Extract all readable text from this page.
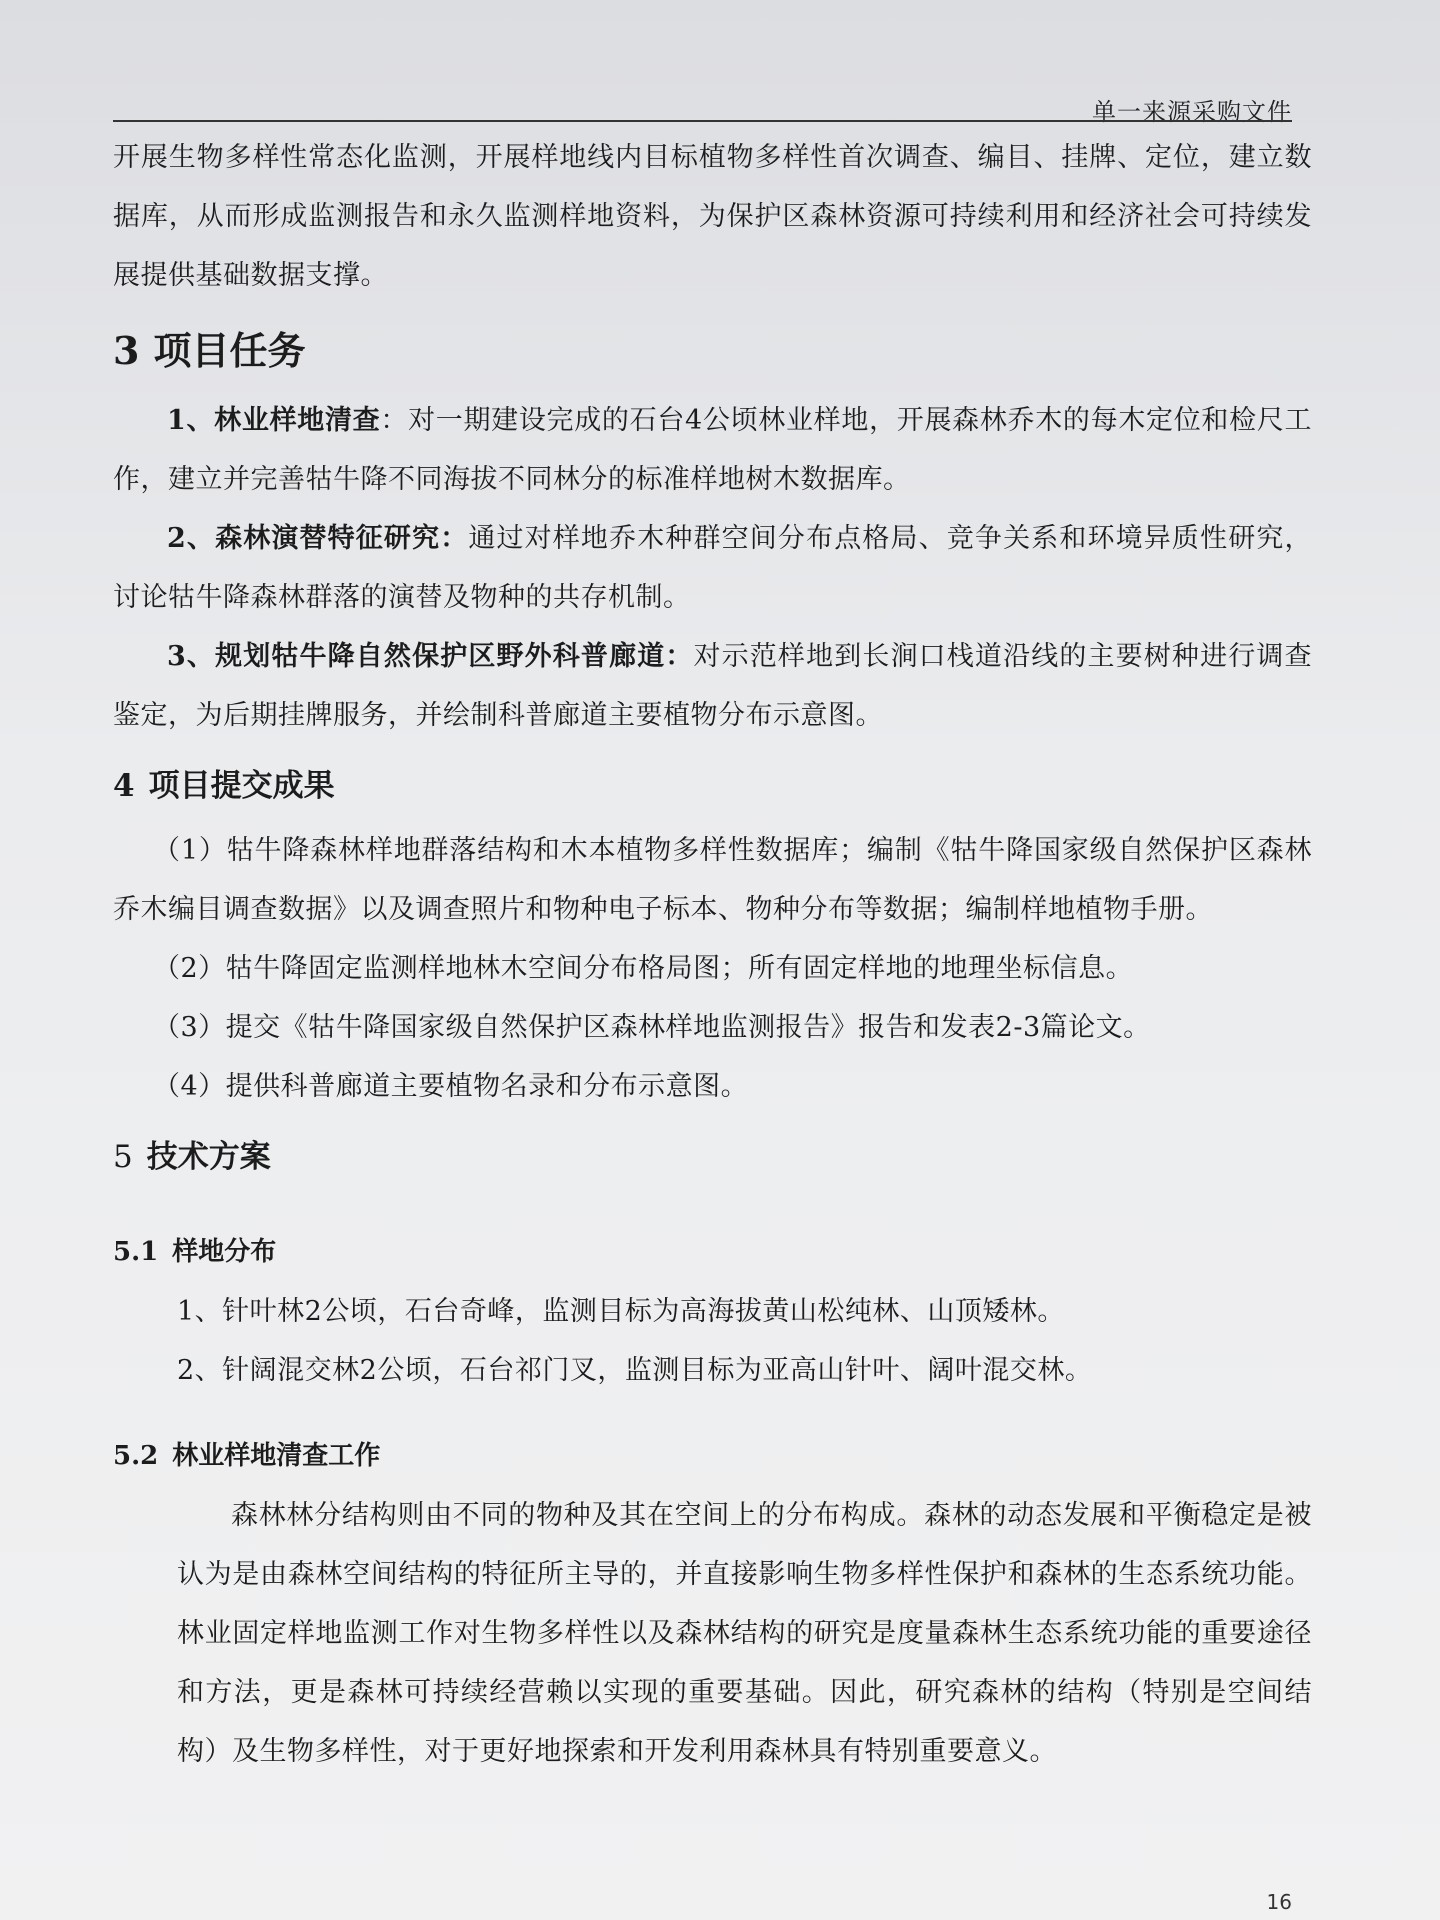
单一来源采购文件

开展生物多样性常态化监测，开展样地线内目标植物多样性首次调查、编目、挂牌、定位，建立数据库，从而形成监测报告和永久监测样地资料，为保护区森林资源可持续利用和经济社会可持续发展提供基础数据支撑。

3 项目任务

1、林业样地清查：对一期建设完成的石台4公顷林业样地，开展森林乔木的每木定位和检尺工作，建立并完善牯牛降不同海拔不同林分的标准样地树木数据库。

2、森林演替特征研究：通过对样地乔木种群空间分布点格局、竞争关系和环境异质性研究，讨论牯牛降森林群落的演替及物种的共存机制。

3、规划牯牛降自然保护区野外科普廊道：对示范样地到长涧口栈道沿线的主要树种进行调查鉴定，为后期挂牌服务，并绘制科普廊道主要植物分布示意图。

4 项目提交成果

（1）牯牛降森林样地群落结构和木本植物多样性数据库；编制《牯牛降国家级自然保护区森林乔木编目调查数据》以及调查照片和物种电子标本、物种分布等数据；编制样地植物手册。

（2）牯牛降固定监测样地林木空间分布格局图；所有固定样地的地理坐标信息。

（3）提交《牯牛降国家级自然保护区森林样地监测报告》报告和发表2-3篇论文。

（4）提供科普廊道主要植物名录和分布示意图。

5 技术方案
5.1 样地分布

1、针叶林2公顷，石台奇峰，监测目标为高海拔黄山松纯林、山顶矮林。

2、针阔混交林2公顷，石台祁门叉，监测目标为亚高山针叶、阔叶混交林。

5.2 林业样地清查工作

森林林分结构则由不同的物种及其在空间上的分布构成。森林的动态发展和平衡稳定是被认为是由森林空间结构的特征所主导的，并直接影响生物多样性保护和森林的生态系统功能。林业固定样地监测工作对生物多样性以及森林结构的研究是度量森林生态系统功能的重要途径和方法，更是森林可持续经营赖以实现的重要基础。因此，研究森林的结构（特别是空间结构）及生物多样性，对于更好地探索和开发利用森林具有特别重要意义。

16
